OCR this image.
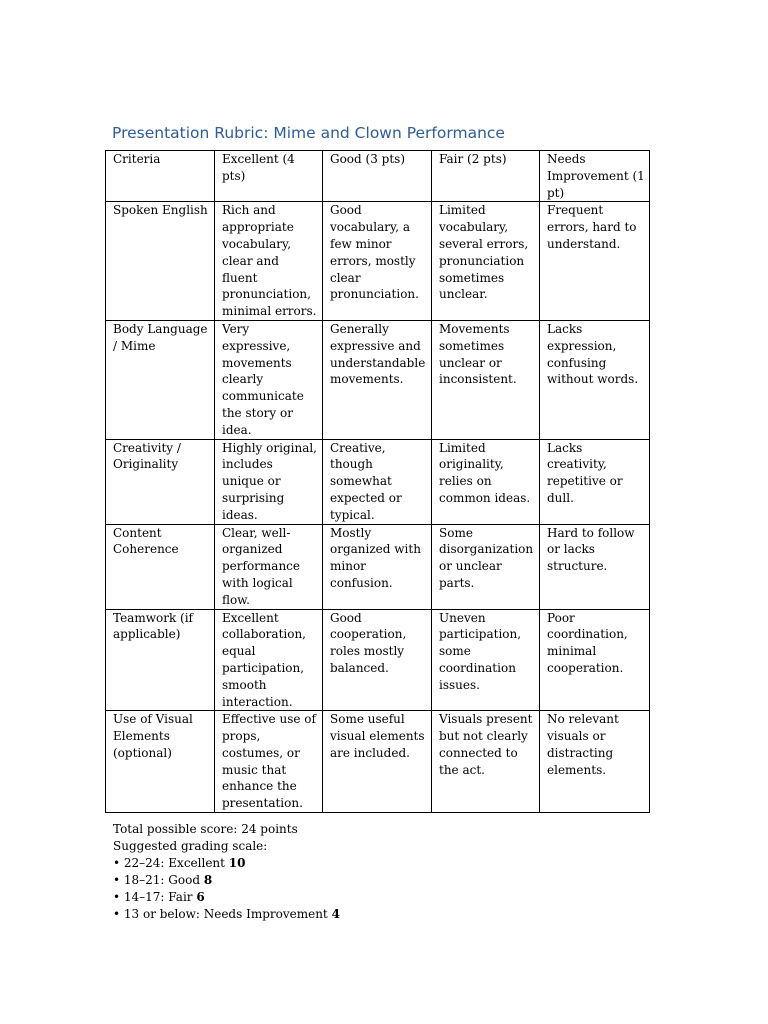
Presentation Rubric: Mime and Clown Performance
Criteria	Excellent (4 pts)	Good (3 pts)	Fair (2 pts)	Needs Improvement (1 pt)
Spoken English	Rich and appropriate vocabulary, clear and fluent pronunciation, minimal errors.	Good vocabulary, a few minor errors, mostly clear pronunciation.	Limited vocabulary, several errors, pronunciation sometimes unclear.	Frequent errors, hard to understand.
Body Language / Mime	Very expressive, movements clearly communicate the story or idea.	Generally expressive and understandable movements.	Movements sometimes unclear or inconsistent.	Lacks expression, confusing without words.
Creativity / Originality	Highly original, includes unique or surprising ideas.	Creative, though somewhat expected or typical.	Limited originality, relies on common ideas.	Lacks creativity, repetitive or dull.
Content Coherence	Clear, well-organized performance with logical flow.	Mostly organized with minor confusion.	Some disorganization or unclear parts.	Hard to follow or lacks structure.
Teamwork (if applicable)	Excellent collaboration, equal participation, smooth interaction.	Good cooperation, roles mostly balanced.	Uneven participation, some coordination issues.	Poor coordination, minimal cooperation.
Use of Visual Elements (optional)	Effective use of props, costumes, or music that enhance the presentation.	Some useful visual elements are included.	Visuals present but not clearly connected to the act.	No relevant visuals or distracting elements.

Total possible score: 24 points

Suggested grading scale:

• 22–24: Excellent 10
• 18–21: Good 8
• 14–17: Fair 6
• 13 or below: Needs Improvement 4
